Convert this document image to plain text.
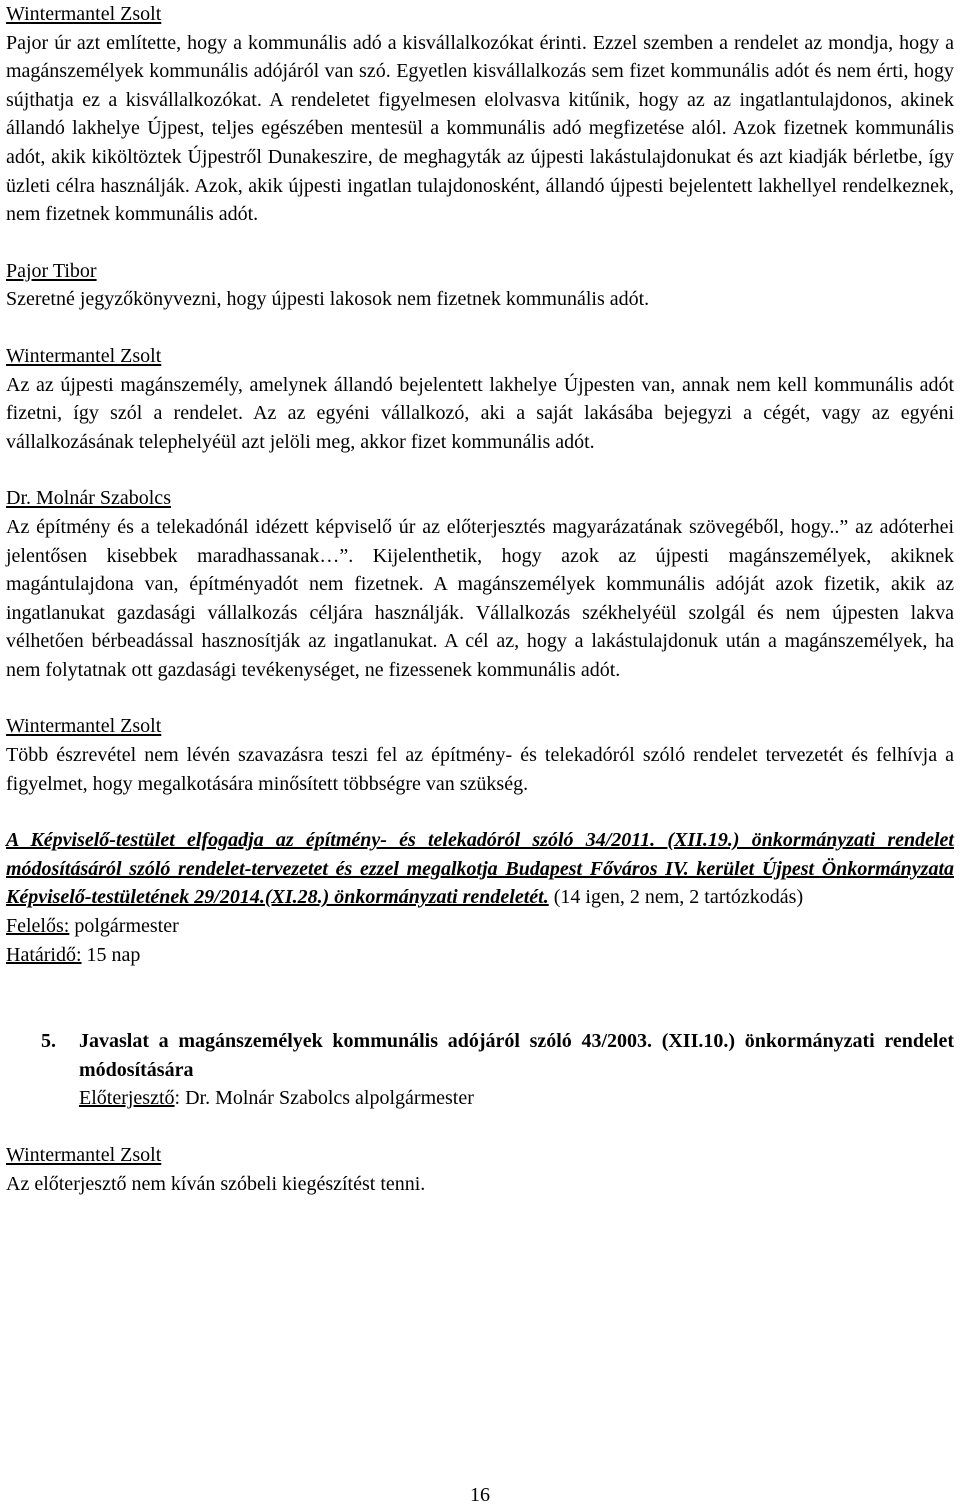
Wintermantel Zsolt

Pajor úr azt említette, hogy a kommunális adó a kisvállalkozókat érinti. Ezzel szemben a rendelet az mondja, hogy a magánszemélyek kommunális adójáról van szó. Egyetlen kisvállalkozás sem fizet kommunális adót és nem érti, hogy sújthatja ez a kisvállalkozókat. A rendeletet figyelmesen elolvasva kitűnik, hogy az az ingatlantulajdonos, akinek állandó lakhelye Újpest, teljes egészében mentesül a kommunális adó megfizetése alól. Azok fizetnek kommunális adót, akik kiköltöztek Újpestről Dunakeszire, de meghagyták az újpesti lakástulajdonukat és azt kiadják bérletbe, így üzleti célra használják. Azok, akik újpesti ingatlan tulajdonosként, állandó újpesti bejelentett lakhellyel rendelkeznek, nem fizetnek kommunális adót.

Pajor Tibor

Szeretné jegyzőkönyvezni, hogy újpesti lakosok nem fizetnek kommunális adót.

Wintermantel Zsolt

Az az újpesti magánszemély, amelynek állandó bejelentett lakhelye Újpesten van, annak nem kell kommunális adót fizetni, így szól a rendelet. Az az egyéni vállalkozó, aki a saját lakásába bejegyzi a cégét, vagy az egyéni vállalkozásának telephelyéül azt jelöli meg, akkor fizet kommunális adót.

Dr. Molnár Szabolcs

Az építmény és a telekadónál idézett képviselő úr az előterjesztés magyarázatának szövegéből, hogy..” az adóterhei jelentősen kisebbek maradhassanak…”. Kijelenthetik, hogy azok az újpesti magánszemélyek, akiknek magántulajdona van, építményadót nem fizetnek. A magánszemélyek kommunális adóját azok fizetik, akik az ingatlanukat gazdasági vállalkozás céljára használják. Vállalkozás székhelyéül szolgál és nem újpesten lakva vélhetően bérbeadással hasznosítják az ingatlanukat. A cél az, hogy a lakástulajdonuk után a magánszemélyek, ha nem folytatnak ott gazdasági tevékenységet, ne fizessenek kommunális adót.

Wintermantel Zsolt

Több észrevétel nem lévén szavazásra teszi fel az építmény- és telekadóról szóló rendelet tervezetét és felhívja a figyelmet, hogy megalkotására minősített többségre van szükség.

A Képviselő-testület elfogadja az építmény- és telekadóról szóló 34/2011. (XII.19.) önkormányzati rendelet módosításáról szóló rendelet-tervezetet és ezzel megalkotja Budapest Főváros IV. kerület Újpest Önkormányzata Képviselő-testületének 29/2014.(XI.28.) önkormányzati rendeletét. (14 igen, 2 nem, 2 tartózkodás)

Felelős: polgármester

Határidő: 15 nap

5. Javaslat a magánszemélyek kommunális adójáról szóló 43/2003. (XII.10.) önkormányzati rendelet módosítására

Előterjesztő: Dr. Molnár Szabolcs alpolgármester

Wintermantel Zsolt

Az előterjesztő nem kíván szóbeli kiegészítést tenni.

16
